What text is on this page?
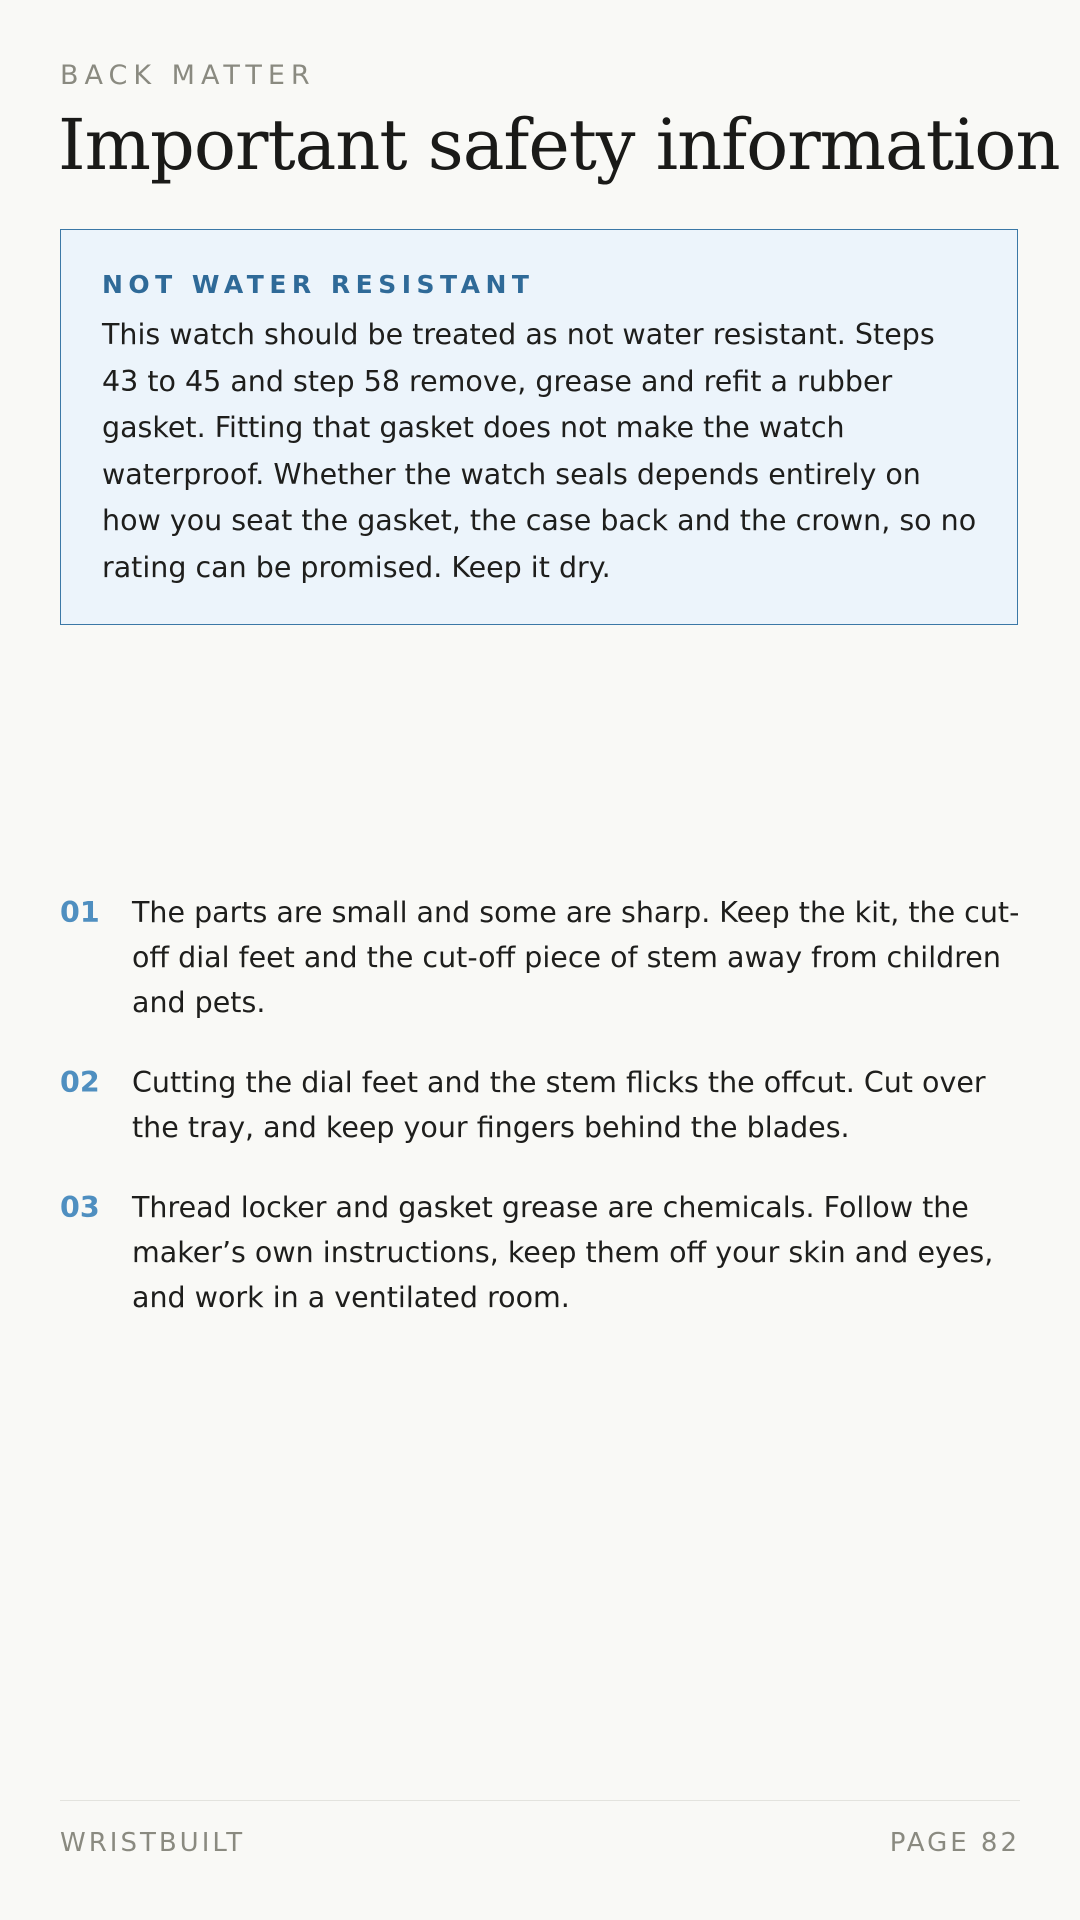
BACK MATTER
Important safety information
NOT WATER RESISTANT

This watch should be treated as not water resistant. Steps 43 to 45 and step 58 remove, grease and refit a rubber gasket. Fitting that gasket does not make the watch waterproof. Whether the watch seals depends entirely on how you seat the gasket, the case back and the crown, so no rating can be promised. Keep it dry.

01	The parts are small and some are sharp. Keep the kit, the cut-off dial feet and the cut-off piece of stem away from children and pets.
02	Cutting the dial feet and the stem flicks the offcut. Cut over the tray, and keep your fingers behind the blades.
03	Thread locker and gasket grease are chemicals. Follow the maker’s own instructions, keep them off your skin and eyes, and work in a ventilated room.
WRISTBUILT	PAGE 82
